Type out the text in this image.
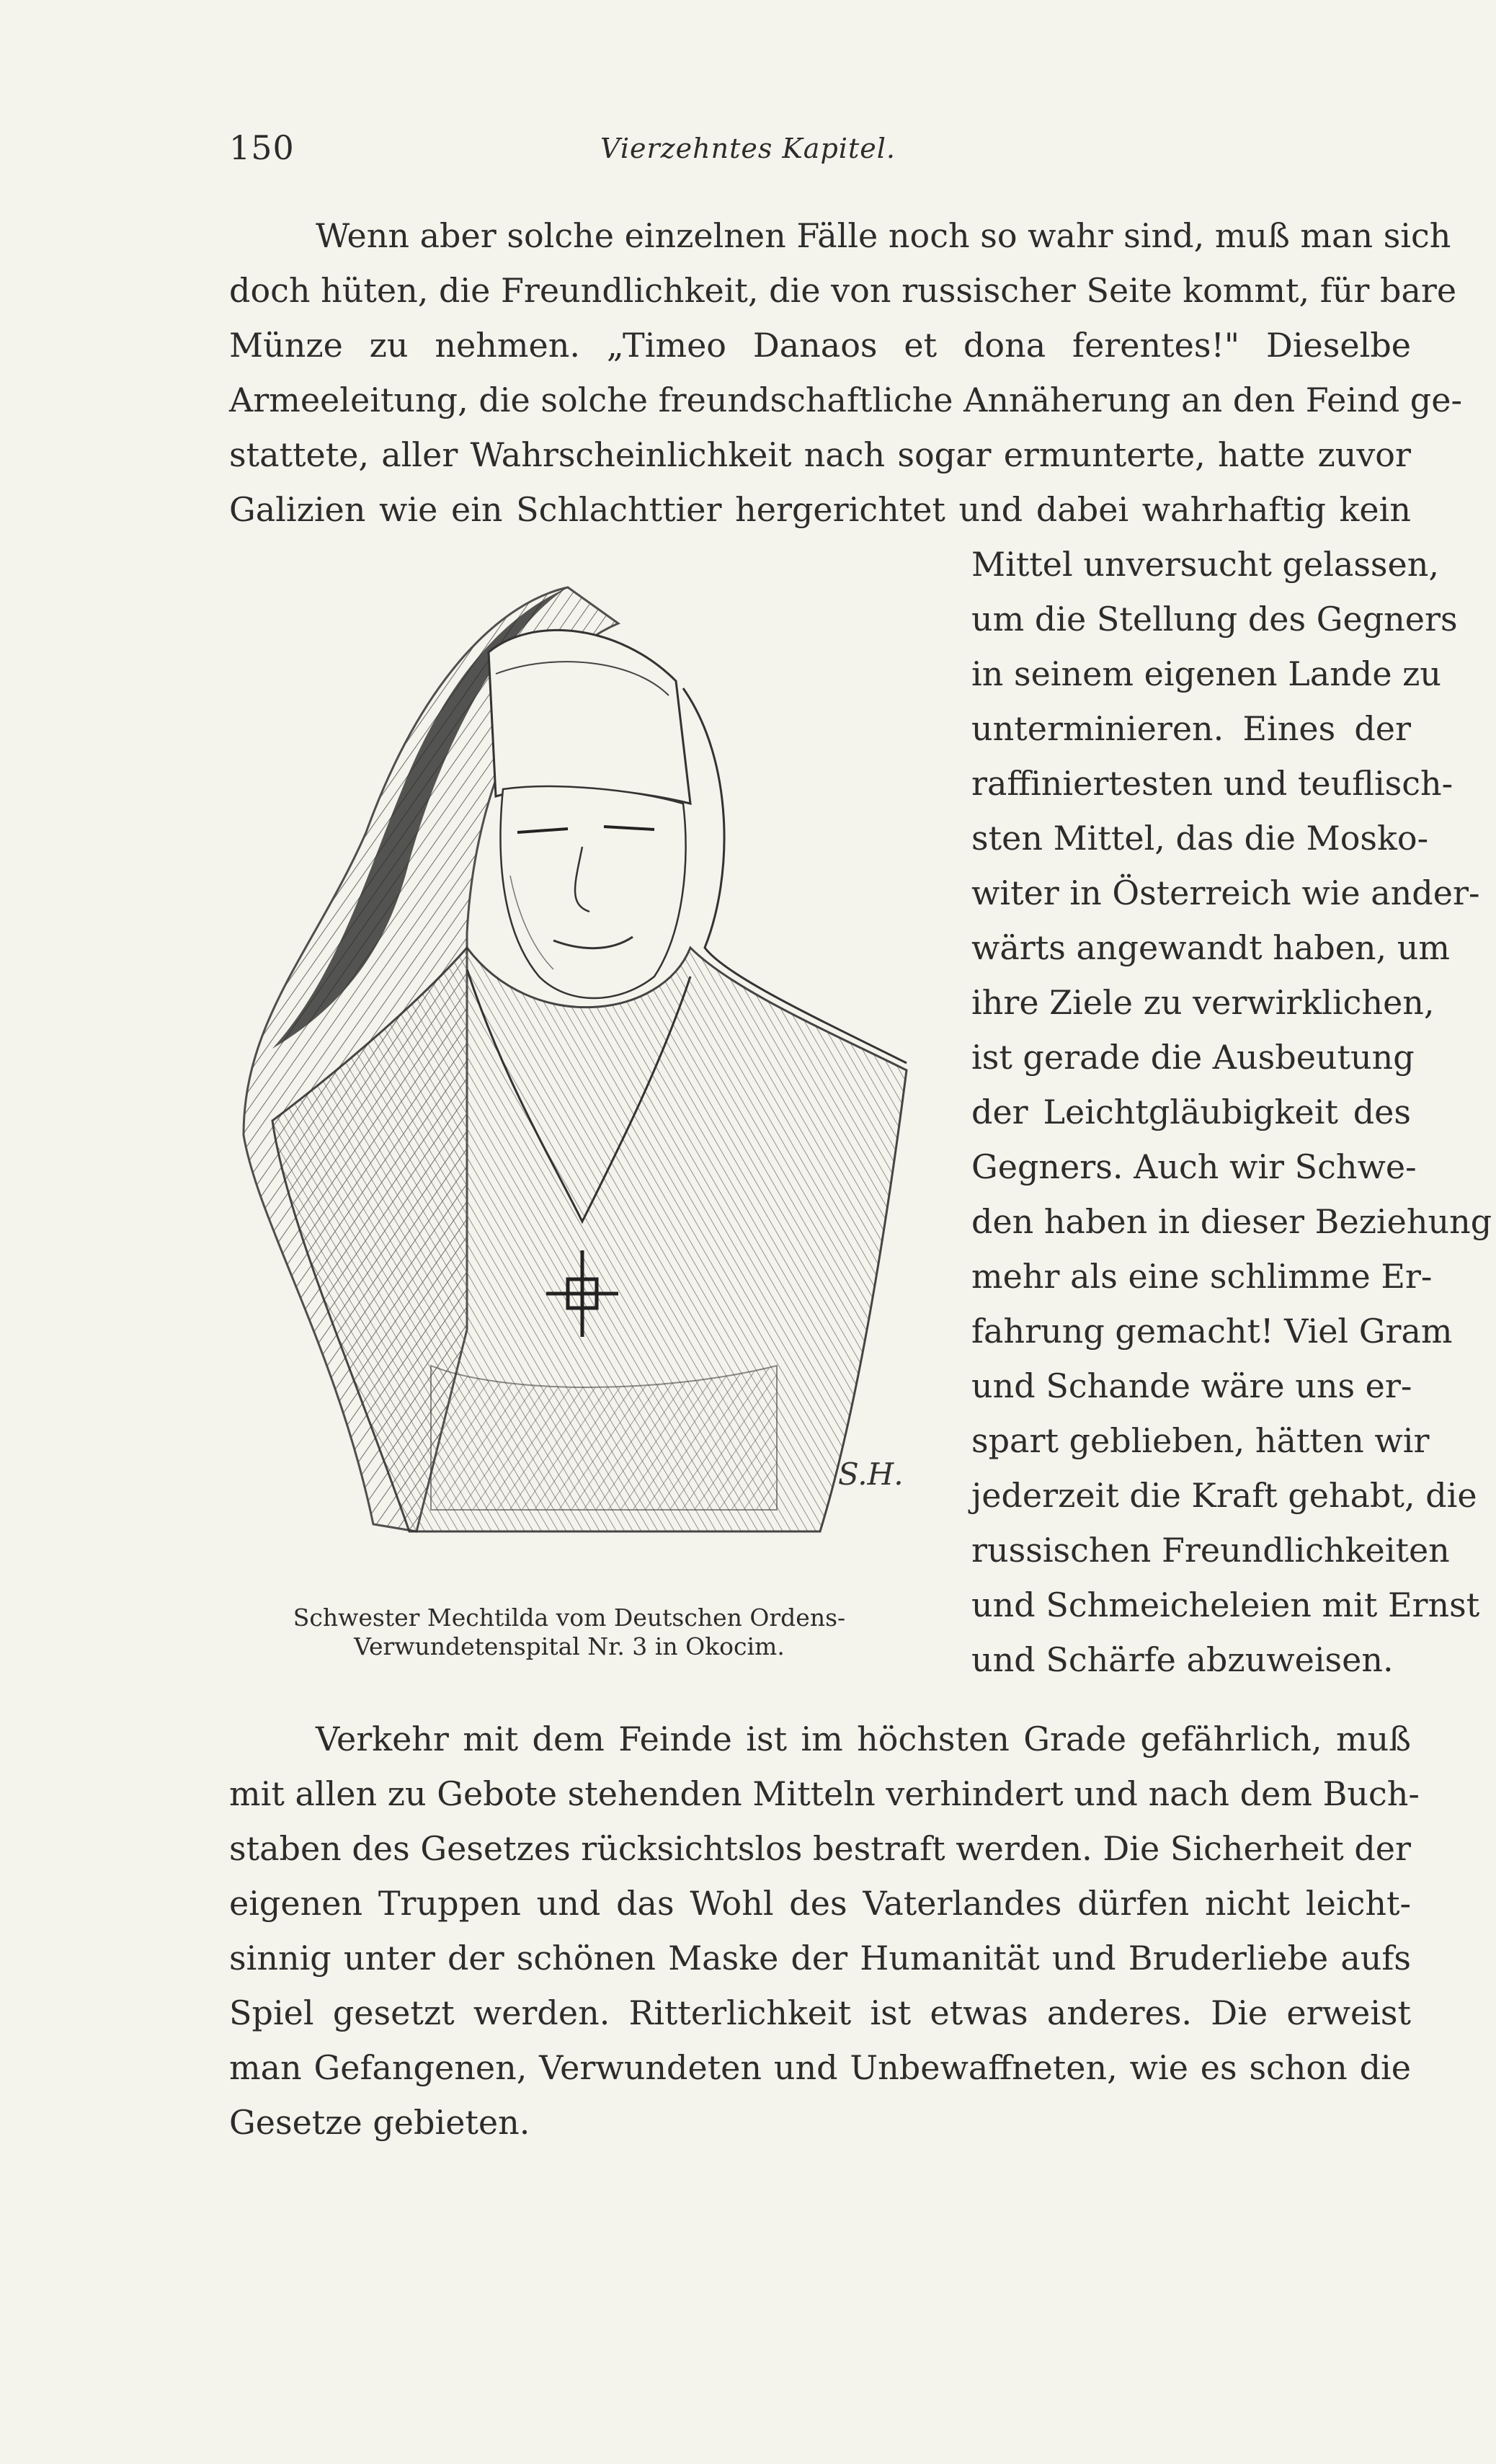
150	Vierzehntes Kapitel.
Wenn aber solche einzelnen Fälle noch so wahr sind, muß man sich
doch hüten, die Freundlichkeit, die von russischer Seite kommt, für bare
Münze zu nehmen. „Timeo Danaos et dona ferentes!" Dieselbe
Armeeleitung, die solche freundschaftliche Annäherung an den Feind ge-
stattete, aller Wahrscheinlichkeit nach sogar ermunterte, hatte zuvor
Galizien wie ein Schlachttier hergerichtet und dabei wahrhaftig kein
Mittel unversucht gelassen,
um die Stellung des Gegners
in seinem eigenen Lande zu
unterminieren. Eines der
raffiniertesten und teuflisch-
sten Mittel, das die Mosko-
witer in Österreich wie ander-
wärts angewandt haben, um
ihre Ziele zu verwirklichen,
ist gerade die Ausbeutung
der Leichtgläubigkeit des
Gegners. Auch wir Schwe-
den haben in dieser Beziehung
mehr als eine schlimme Er-
fahrung gemacht! Viel Gram
und Schande wäre uns er-
spart geblieben, hätten wir
jederzeit die Kraft gehabt, die
russischen Freundlichkeiten
und Schmeicheleien mit Ernst
und Schärfe abzuweisen.
Verkehr mit dem Feinde ist im höchsten Grade gefährlich, muß
mit allen zu Gebote stehenden Mitteln verhindert und nach dem Buch-
staben des Gesetzes rücksichtslos bestraft werden. Die Sicherheit der
eigenen Truppen und das Wohl des Vaterlandes dürfen nicht leicht-
sinnig unter der schönen Maske der Humanität und Bruderliebe aufs
Spiel gesetzt werden. Ritterlichkeit ist etwas anderes. Die erweist
man Gefangenen, Verwundeten und Unbewaffneten, wie es schon die
Gesetze gebieten.
S.H.
Schwester Mechtilda vom Deutschen Ordens-
Verwundetenspital Nr. 3 in Okocim.
